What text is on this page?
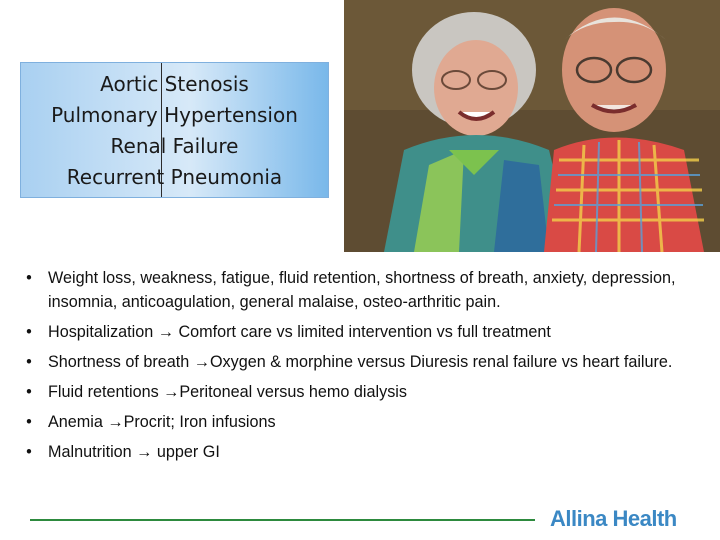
Aortic Stenosis
Pulmonary Hypertension
Renal Failure
Recurrent Pneumonia
• Weight loss, weakness, fatigue, fluid retention, shortness of breath, anxiety, depression, insomnia, anticoagulation, general malaise, osteo-arthritic pain.
• Hospitalization → Comfort care vs limited intervention vs full treatment
• Shortness of breath →Oxygen & morphine versus Diuresis renal failure vs heart failure.
• Fluid retentions →Peritoneal versus hemo dialysis
• Anemia →Procrit; Iron infusions
• Malnutrition → upper GI
Allina Health
